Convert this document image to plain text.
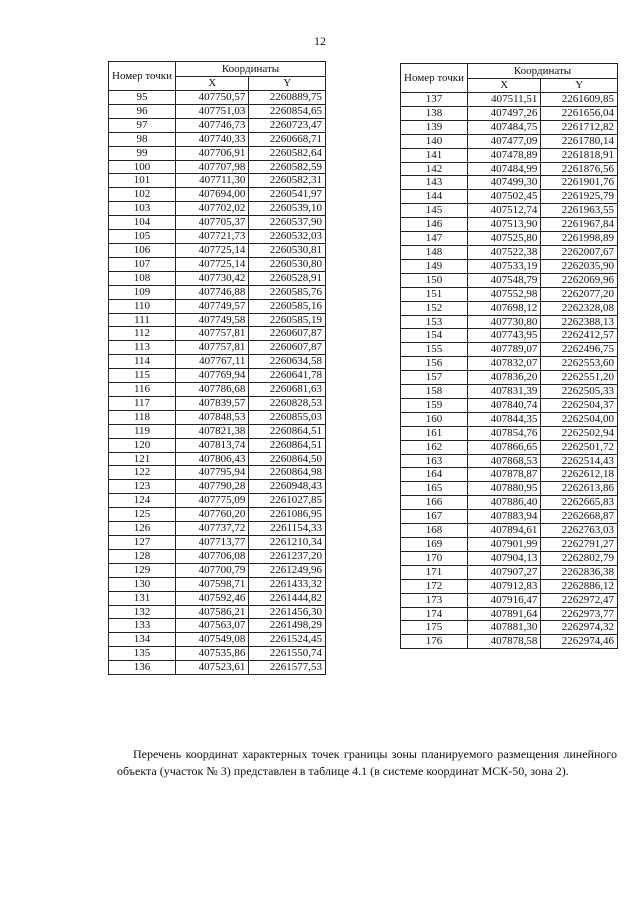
12
Номер точки	Координаты	
	X	Y
95	407750,57	2260889,75
96	407751,03	2260854,65
97	407746,73	2260723,47
98	407740,33	2260668,71
99	407706,91	2260582,64
100	407707,98	2260582,59
101	407711,30	2260582,31
102	407694,00	2260541,97
103	407702,02	2260539,10
104	407705,37	2260537,90
105	407721,73	2260532,03
106	407725,14	2260530,81
107	407725,14	2260530,80
108	407730,42	2260528,91
109	407746,88	2260585,76
110	407749,57	2260585,16
111	407749,58	2260585,19
112	407757,81	2260607,87
113	407757,81	2260607,87
114	407767,11	2260634,58
115	407769,94	2260641,78
116	407786,68	2260681,63
117	407839,57	2260828,53
118	407848,53	2260855,03
119	407821,38	2260864,51
120	407813,74	2260864,51
121	407806,43	2260864,50
122	407795,94	2260864,98
123	407790,28	2260948,43
124	407775,09	2261027,85
125	407760,20	2261086,95
126	407737,72	2261154,33
127	407713,77	2261210,34
128	407706,08	2261237,20
129	407700,79	2261249,96
130	407598,71	2261433,32
131	407592,46	2261444,82
132	407586,21	2261456,30
133	407563,07	2261498,29
134	407549,08	2261524,45
135	407535,86	2261550,74
136	407523,61	2261577,53
Номер точки	Координаты	
	X	Y
137	407511,51	2261609,85
138	407497,26	2261656,04
139	407484,75	2261712,82
140	407477,09	2261780,14
141	407478,89	2261818,91
142	407484,99	2261876,56
143	407499,30	2261901,76
144	407502,45	2261925,79
145	407512,74	2261963,55
146	407513,90	2261967,84
147	407525,80	2261998,89
148	407522,38	2262007,67
149	407533,19	2262035,90
150	407548,79	2262069,96
151	407552,98	2262077,20
152	407698,12	2262328,08
153	407730,80	2262388,13
154	407743,95	2262412,57
155	407789,07	2262496,75
156	407832,07	2262553,60
157	407836,20	2262551,20
158	407831,39	2262505,33
159	407840,74	2262504,37
160	407844,35	2262504,00
161	407854,76	2262502,94
162	407866,65	2262501,72
163	407868,53	2262514,43
164	407878,87	2262612,18
165	407880,95	2262613,86
166	407886,40	2262665,83
167	407883,94	2262668,87
168	407894,61	2262763,03
169	407901,99	2262791,27
170	407904,13	2262802,79
171	407907,27	2262836,38
172	407912,83	2262886,12
173	407916,47	2262972,47
174	407891,64	2262973,77
175	407881,30	2262974,32
176	407878,58	2262974,46
Перечень координат характерных точек границы зоны планируемого размещения линейного объекта (участок № 3) представлен в таблице 4.1 (в системе координат МСК-50, зона 2).
